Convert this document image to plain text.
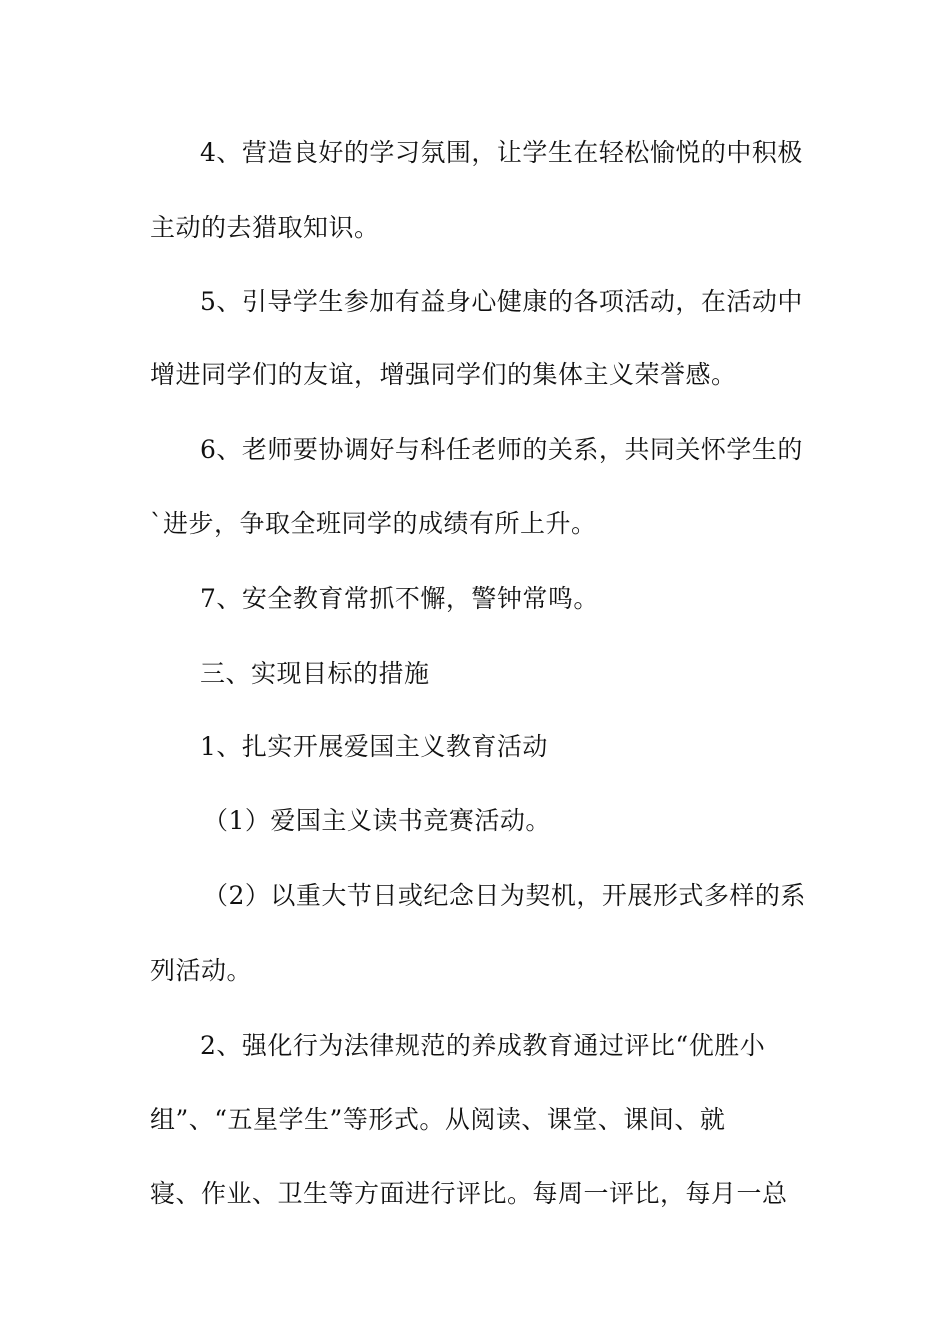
4、营造良好的学习氛围，让学生在轻松愉悦的中积极
主动的去猎取知识。
5、引导学生参加有益身心健康的各项活动，在活动中
增进同学们的友谊，增强同学们的集体主义荣誉感。
6、老师要协调好与科任老师的关系，共同关怀学生的
`进步，争取全班同学的成绩有所上升。
7、安全教育常抓不懈，警钟常鸣。
三、实现目标的措施
1、扎实开展爱国主义教育活动
（1）爱国主义读书竞赛活动。
（2）以重大节日或纪念日为契机，开展形式多样的系
列活动。
2、强化行为法律规范的养成教育通过评比“优胜小
组”、“五星学生”等形式。从阅读、课堂、课间、就
寝、作业、卫生等方面进行评比。每周一评比，每月一总
